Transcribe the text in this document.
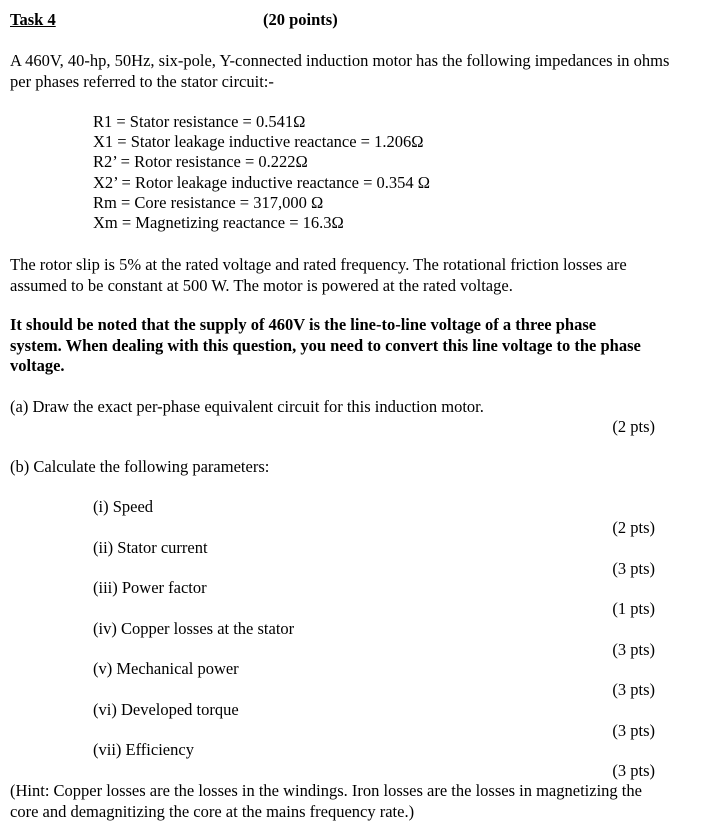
Task 4	(20 points)
A 460V, 40-hp, 50Hz, six-pole, Y-connected induction motor has the following impedances in ohms per phases referred to the stator circuit:-
R1 = Stator resistance = 0.541Ω
X1 = Stator leakage inductive reactance = 1.206Ω
R2’ = Rotor resistance = 0.222Ω
X2’ = Rotor leakage inductive reactance = 0.354 Ω
Rm = Core resistance = 317,000 Ω
Xm = Magnetizing reactance = 16.3Ω
The rotor slip is 5% at the rated voltage and rated frequency. The rotational friction losses are assumed to be constant at 500 W. The motor is powered at the rated voltage.
It should be noted that the supply of 460V is the line-to-line voltage of a three phase system. When dealing with this question, you need to convert this line voltage to the phase voltage.
(a) Draw the exact per-phase equivalent circuit for this induction motor.
(2 pts)
(b) Calculate the following parameters:
(i) Speed
(2 pts)
(ii) Stator current
(3 pts)
(iii) Power factor
(1 pts)
(iv) Copper losses at the stator
(3 pts)
(v) Mechanical power
(3 pts)
(vi) Developed torque
(3 pts)
(vii) Efficiency
(3 pts)
(Hint: Copper losses are the losses in the windings. Iron losses are the losses in magnetizing the core and demagnitizing the core at the mains frequency rate.)
